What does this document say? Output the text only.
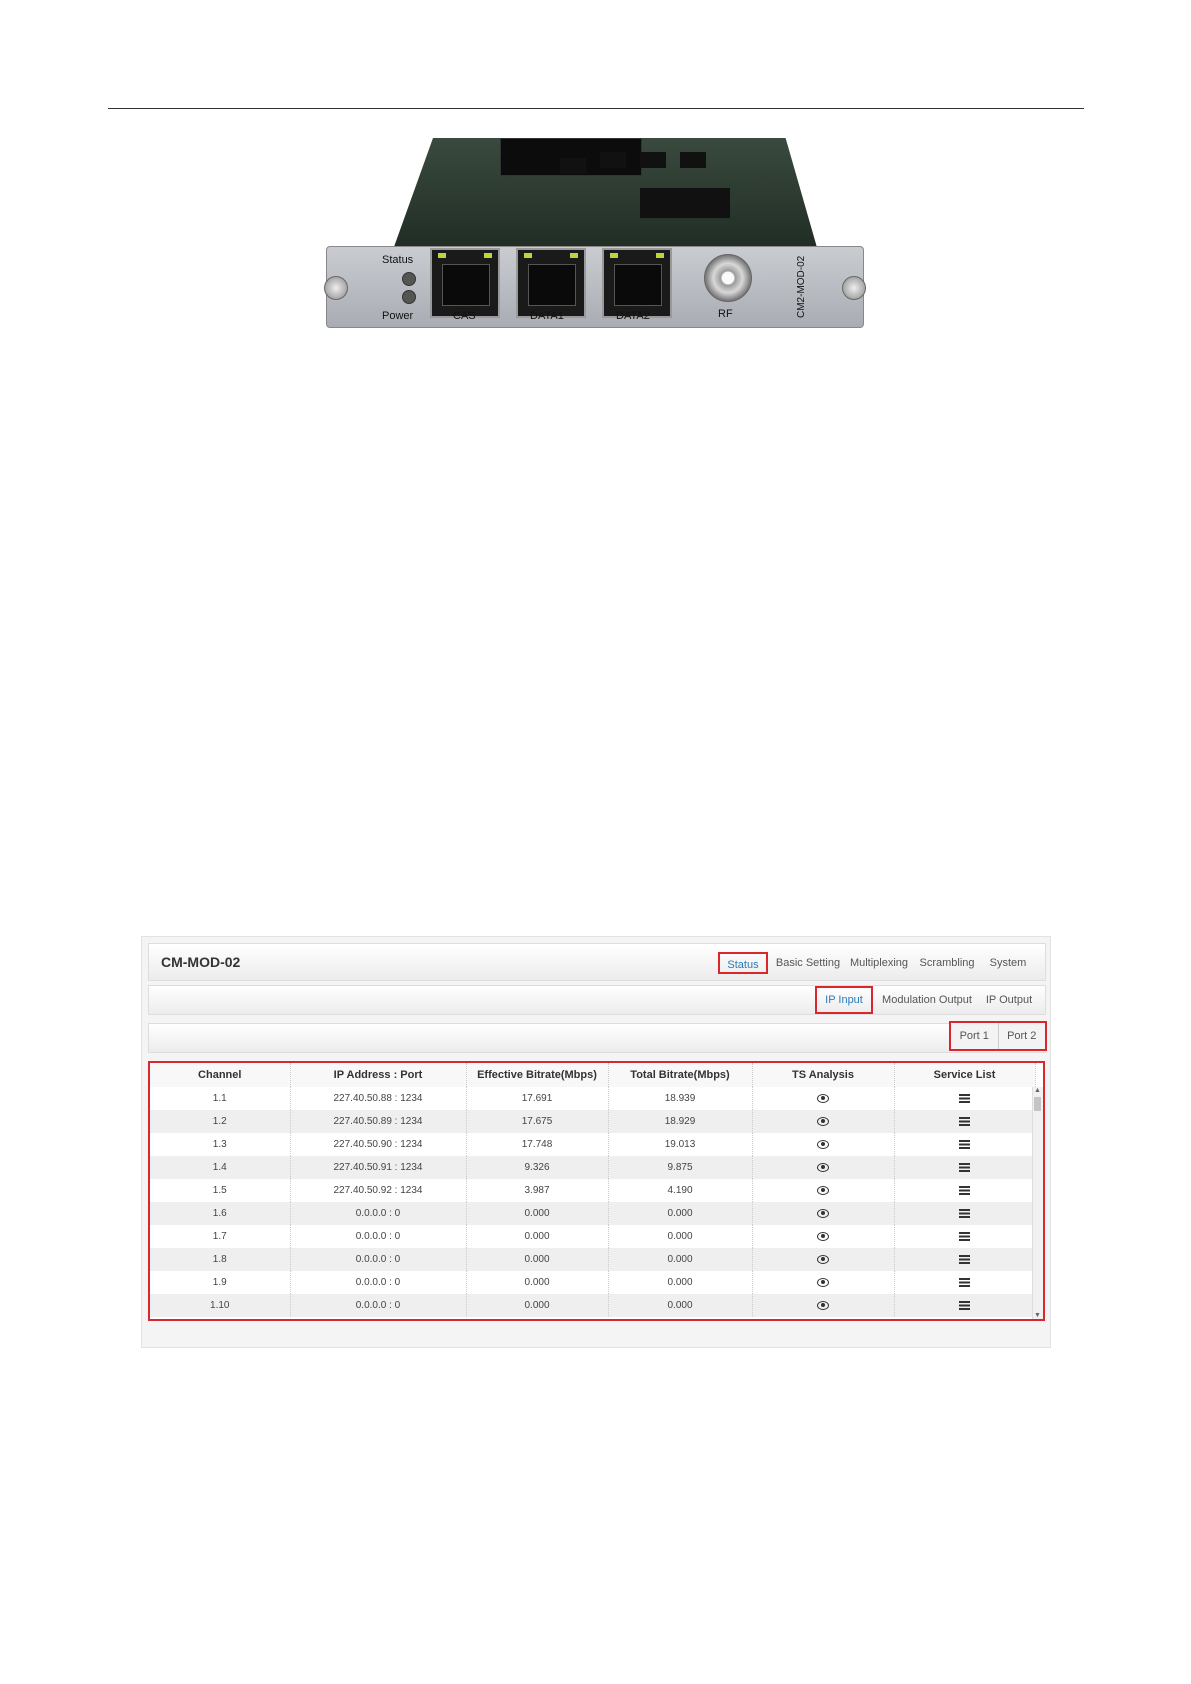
Status
Power	CAS	DATA1	DATA2	RF	CM2-MOD-02
CM-MOD-02	Status	Basic Setting Multiplexing Scrambling	System
IP Input	Modulation Output	IP Output
Port 1	Port 2
Channel	IP Address : Port	Effective Bitrate(Mbps)	Total Bitrate(Mbps)	TS Analysis	Service List
1.1	227.40.50.88 : 1234	17.691	18.939		
1.2	227.40.50.89 : 1234	17.675	18.929		
1.3	227.40.50.90 : 1234	17.748	19.013		
1.4	227.40.50.91 : 1234	9.326	9.875		
1.5	227.40.50.92 : 1234	3.987	4.190		
1.6	0.0.0.0 : 0	0.000	0.000		
1.7	0.0.0.0 : 0	0.000	0.000		
1.8	0.0.0.0 : 0	0.000	0.000		
1.9	0.0.0.0 : 0	0.000	0.000		
1.10	0.0.0.0 : 0	0.000	0.000		
▲
▼
